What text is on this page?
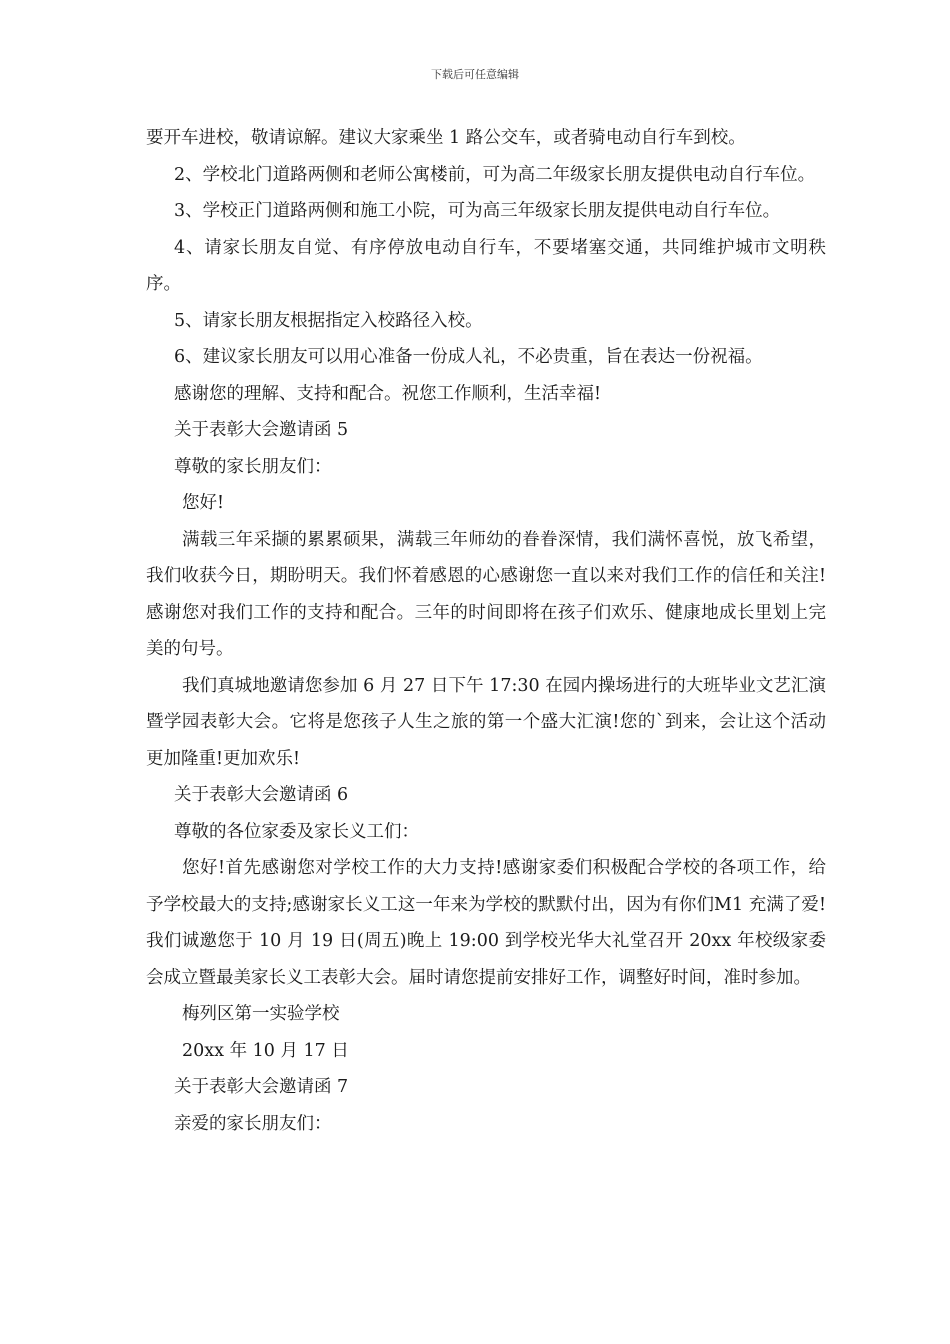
下载后可任意编辑

要开车进校，敬请谅解。建议大家乘坐 1 路公交车，或者骑电动自行车到校。

2、学校北门道路两侧和老师公寓楼前，可为高二年级家长朋友提供电动自行车位。

3、学校正门道路两侧和施工小院，可为高三年级家长朋友提供电动自行车位。

4、请家长朋友自觉、有序停放电动自行车，不要堵塞交通，共同维护城市文明秩序。

5、请家长朋友根据指定入校路径入校。

6、建议家长朋友可以用心准备一份成人礼，不必贵重，旨在表达一份祝福。

感谢您的理解、支持和配合。祝您工作顺利，生活幸福!

关于表彰大会邀请函 5

尊敬的家长朋友们：

您好!

满载三年采撷的累累硕果，满载三年师幼的眷眷深情，我们满怀喜悦，放飞希望，我们收获今日，期盼明天。我们怀着感恩的心感谢您一直以来对我们工作的信任和关注!感谢您对我们工作的支持和配合。三年的时间即将在孩子们欢乐、健康地成长里划上完美的句号。

我们真城地邀请您参加 6 月 27 日下午 17:30 在园内操场进行的大班毕业文艺汇演暨学园表彰大会。它将是您孩子人生之旅的第一个盛大汇演!您的`到来，会让这个活动更加隆重!更加欢乐!

关于表彰大会邀请函 6

尊敬的各位家委及家长义工们：

您好!首先感谢您对学校工作的大力支持!感谢家委们积极配合学校的各项工作，给予学校最大的支持;感谢家长义工这一年来为学校的默默付出，因为有你们M1 充满了爱!我们诚邀您于 10 月 19 日(周五)晚上 19:00 到学校光华大礼堂召开 20xx 年校级家委会成立暨最美家长义工表彰大会。届时请您提前安排好工作，调整好时间，准时参加。

梅列区第一实验学校

20xx 年 10 月 17 日

关于表彰大会邀请函 7

亲爱的家长朋友们：
